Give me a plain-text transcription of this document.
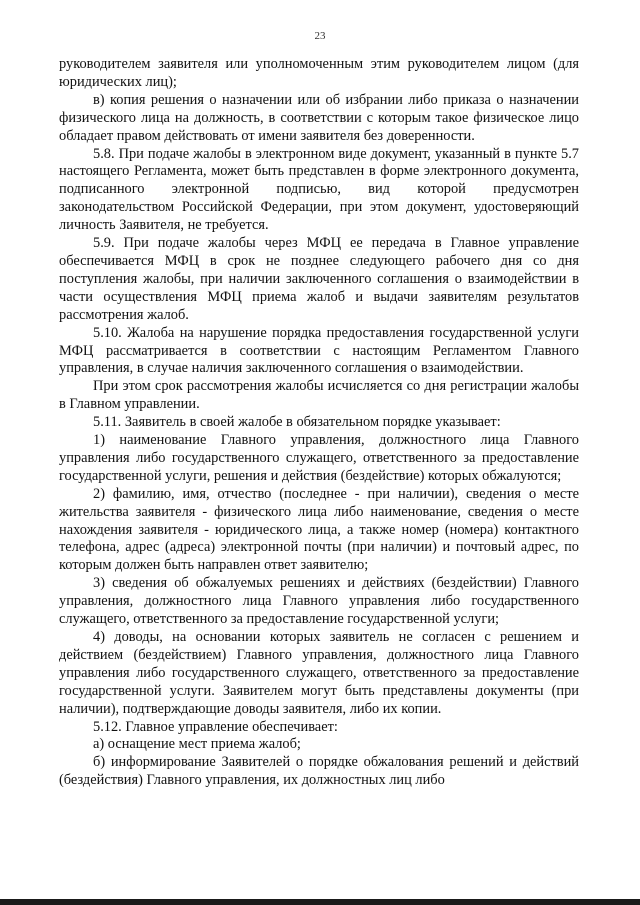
23

руководителем заявителя или уполномоченным этим руководителем лицом (для юридических лиц);

в) копия решения о назначении или об избрании либо приказа о назначении физического лица на должность, в соответствии с которым такое физическое лицо обладает правом действовать от имени заявителя без доверенности.

5.8. При подаче жалобы в электронном виде документ, указанный в пункте 5.7 настоящего Регламента, может быть представлен в форме электронного документа, подписанного электронной подписью, вид которой предусмотрен законодательством Российской Федерации, при этом документ, удостоверяющий личность Заявителя, не требуется.

5.9. При подаче жалобы через МФЦ ее передача в Главное управление обеспечивается МФЦ в срок не позднее следующего рабочего дня со дня поступления жалобы, при наличии заключенного соглашения о взаимодействии в части осуществления МФЦ приема жалоб и выдачи заявителям результатов рассмотрения жалоб.

5.10. Жалоба на нарушение порядка предоставления государственной услуги МФЦ рассматривается в соответствии с настоящим Регламентом Главного управления, в случае наличия заключенного соглашения о взаимодействии.

При этом срок рассмотрения жалобы исчисляется со дня регистрации жалобы в Главном управлении.

5.11. Заявитель в своей жалобе в обязательном порядке указывает:

1) наименование Главного управления, должностного лица Главного управления либо государственного служащего, ответственного за предоставление государственной услуги, решения и действия (бездействие) которых обжалуются;

2) фамилию, имя, отчество (последнее - при наличии), сведения о месте жительства заявителя - физического лица либо наименование, сведения о месте нахождения заявителя - юридического лица, а также номер (номера) контактного телефона, адрес (адреса) электронной почты (при наличии) и почтовый адрес, по которым должен быть направлен ответ заявителю;

3) сведения об обжалуемых решениях и действиях (бездействии) Главного управления, должностного лица Главного управления либо государственного служащего, ответственного за предоставление государственной услуги;

4) доводы, на основании которых заявитель не согласен с решением и действием (бездействием) Главного управления, должностного лица Главного управления либо государственного служащего, ответственного за предоставление государственной услуги. Заявителем могут быть представлены документы (при наличии), подтверждающие доводы заявителя, либо их копии.

5.12. Главное управление обеспечивает:

а) оснащение мест приема жалоб;

б) информирование Заявителей о порядке обжалования решений и действий (бездействия) Главного управления, их должностных лиц либо
